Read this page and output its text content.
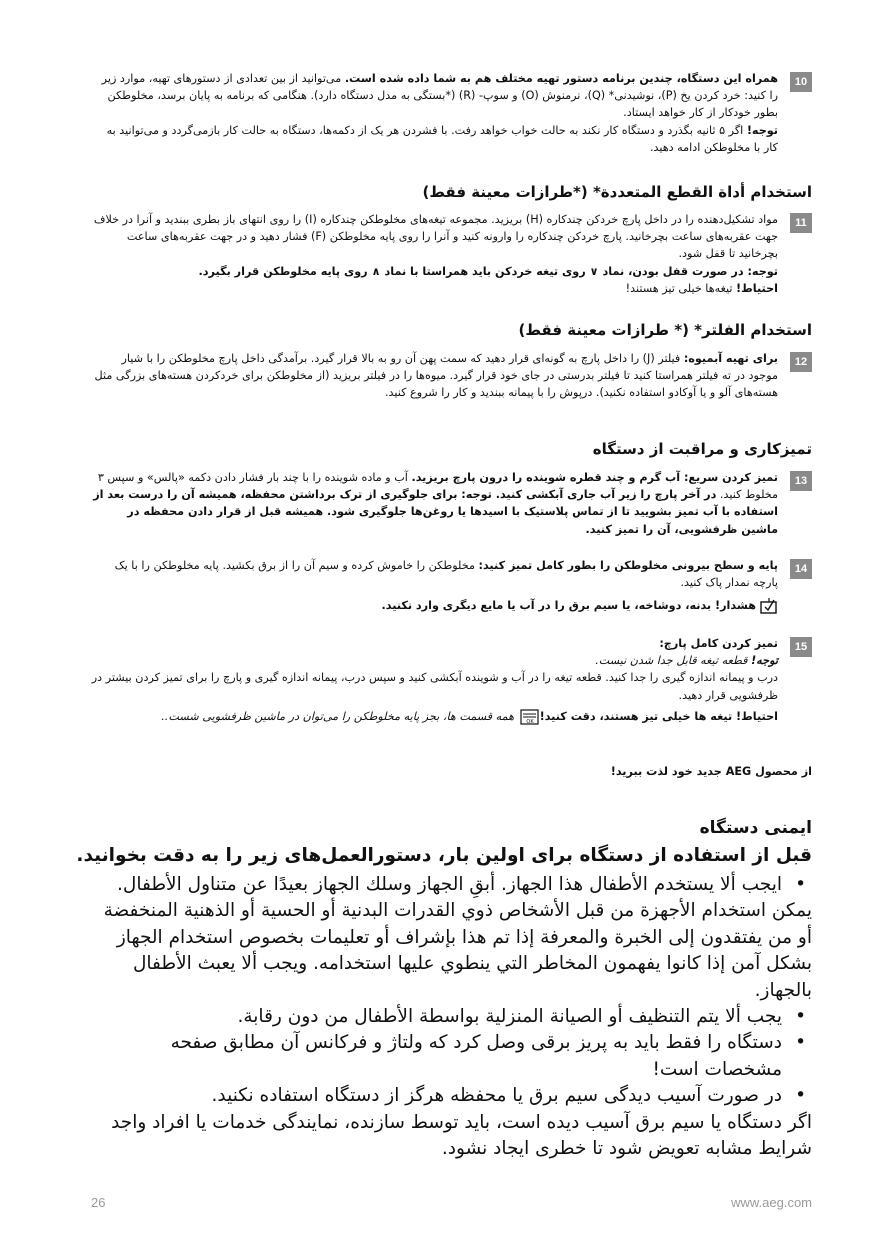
10

همراه این دستگاه، چندین برنامه دستور تهیه مختلف هم به شما داده شده است. می‌توانید از بین تعدادی از دستورهای تهیه، موارد زیر را کنید: خرد کردن یخ (P)، نوشیدنی* (Q)، نرمنوش (O) و سوپ- (R) (*بستگی به مدل دستگاه دارد). هنگامی که برنامه به پایان برسد، مخلوطکن بطور خودکار از کار خواهد ایستاد.

توجه! اگر ۵ ثانیه بگذرد و دستگاه کار نکند به حالت خواب خواهد رفت. با فشردن هر یک از دکمه‌ها، دستگاه به حالت کار بازمی‌گردد و می‌توانید به کار با مخلوطکن ادامه دهید.

استخدام أداة القطع المتعددة* (*طرازات معينة فقط)
11

مواد تشکیل‌دهنده را در داخل پارچ خردکن چندکاره (H) بریزید. مجموعه تیغه‌های مخلوطکن چندکاره (I) را روی انتهای باز بطری ببندید و آنرا در خلاف جهت عقربه‌های ساعت بچرخانید. پارچ خردکن چندکاره را وارونه کنید و آنرا را روی پایه مخلوطکن (F) فشار دهید و در جهت عقربه‌های ساعت بچرخانید تا قفل شود.

توجه: در صورت قفل بودن، نماد ∨ روی تیغه خردکن باید همراستا با نماد ∧ روی پایه مخلوطکن قرار بگیرد.

احتیاط! تیغه‌ها خیلی تیز هستند!

استخدام الفلتر* (* طرازات معينة فقط)
12

برای تهیه آبمیوه: فیلتر (J) را داخل پارچ به گونه‌ای قرار دهید که سمت پهن آن رو به بالا قرار گیرد. برآمدگی داخل پارچ مخلوطکن را با شیار موجود در ته فیلتر همراستا کنید تا فیلتر بدرستی در جای خود قرار گیرد. میوه‌ها را در فیلتر بریزید (از مخلوطکن برای خردکردن هسته‌های بزرگی مثل هسته‌های آلو و یا آوکادو استفاده نکنید). درپوش را با پیمانه ببندید و کار را شروع کنید.

تمیزکاری و مراقبت از دستگاه
13

تمیز کردن سریع: آب گرم و چند قطره شوینده را درون پارچ بریزید. آب و ماده شوینده را با چند بار فشار دادن دکمه «پالس» و سپس ۳ مخلوط کنید. در آخر پارچ را زیر آب جاری آبکشی کنید. توجه: برای جلوگیری از ترک برداشتن محفظه، همیشه آن را درست بعد از استفاده با آب تمیز بشویید تا از تماس پلاستیک با اسیدها یا روغن‌ها جلوگیری شود. همیشه قبل از قرار دادن محفظه در ماشین ظرفشویی، آن را تمیز کنید.

14

پایه و سطح بیرونی مخلوطکن را بطور کامل تمیز کنید: مخلوطکن را خاموش کرده و سیم آن را از برق بکشید. پایه مخلوطکن را با یک پارچه نمدار پاک کنید.

هشدار! بدنه، دوشاخه، یا سیم برق را در آب یا مایع دیگری وارد نکنید.

15

تمیز کردن کامل پارچ:

توجه! قطعه تیغه قابل جدا شدن نیست.

درب و پیمانه اندازه گیری را جدا کنید. قطعه تیغه را در آب و شوینده آبکشی کنید و سپس درب، پیمانه اندازه گیری و پارچ را برای تمیز کردن بیشتر در ظرفشویی قرار دهید.

احتیاط! تیغه ها خیلی تیز هستند، دقت کنید!
OK
همه قسمت ها، بجز پایه مخلوطکن را می‌توان در ماشین ظرفشویی شست..

از محصول AEG جدید خود لذت ببرید!
ایمنی دستگاه
قبل از استفاده از دستگاه برای اولین بار، دستورالعمل‌های زیر را به دقت بخوانید.

•
ايجب ألا يستخدم الأطفال هذا الجهاز. أبقِ الجهاز وسلك الجهاز بعيدًا عن متناول الأطفال.

يمكن استخدام الأجهزة من قبل الأشخاص ذوي القدرات البدنية أو الحسية أو الذهنية المنخفضة أو من يفتقدون إلى الخبرة والمعرفة إذا تم هذا بإشراف أو تعليمات بخصوص استخدام الجهاز بشكل آمن إذا كانوا يفهمون المخاطر التي ينطوي عليها استخدامه. ويجب ألا يعبث الأطفال بالجهاز.

•
يجب ألا يتم التنظيف أو الصيانة المنزلية بواسطة الأطفال من دون رقابة.

•
دستگاه را فقط باید به پریز برقی وصل کرد که ولتاژ و فرکانس آن مطابق صفحه مشخصات است!

•
در صورت آسیب دیدگی سیم برق یا محفظه هرگز از دستگاه استفاده نکنید.

اگر دستگاه یا سیم برق آسیب دیده است، باید توسط سازنده، نمایندگی خدمات یا افراد واجد شرایط مشابه تعویض شود تا خطری ایجاد نشود.

26	www.aeg.com
